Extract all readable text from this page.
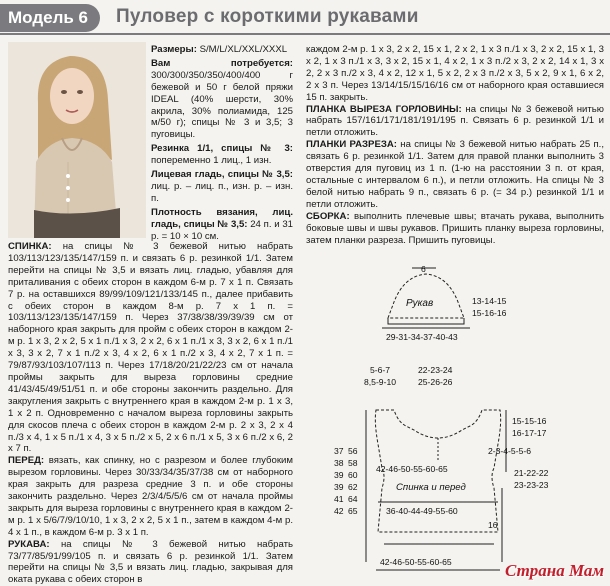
Модель 6	Пуловер с короткими рукавами

Размеры: S/M/L/XL/XXL/XXXL

Вам потребуется: 300/300/350/350/400/400 г бежевой и 50 г белой пряжи IDEAL (40% шерсти, 30% акрила, 30% полиамида, 125 м/50 г); спицы № 3 и 3,5; 3 пуговицы.

Резинка 1/1, спицы № 3: попеременно 1 лиц., 1 изн.

Лицевая гладь, спицы № 3,5: лиц. р. – лиц. п., изн. р. – изн. п.

Плотность вязания, лиц. гладь, спицы № 3,5: 24 п. и 31 р. = 10 × 10 см.

СПИНКА: на спицы № 3 бежевой нитью набрать 103/113/123/135/147/159 п. и связать 6 р. резинкой 1/1. Затем перейти на спицы № 3,5 и вязать лиц. гладью, убавляя для приталивания с обеих сторон в каждом 6-м р. 7 х 1 п. Связать 7 р. на оставшихся 89/99/109/121/133/145 п., далее прибавить с обеих сторон в каждом 8-м р. 7 х 1 п. = 103/113/123/135/147/159 п. Через 37/38/38/39/39/39 см от наборного края закрыть для пройм с обеих сторон в каждом 2-м р. 1 х 3, 2 х 2, 5 х 1 п./1 х 3, 2 х 2, 6 х 1 п./1 х 3, 3 х 2, 6 х 1 п./1 х 3, 3 х 2, 7 х 1 п./2 х 3, 4 х 2, 6 х 1 п./2 х 3, 4 х 2, 7 х 1 п. = 79/87/93/103/107/113 п. Через 17/18/20/21/22/23 см от начала проймы закрыть для выреза горловины средние 41/43/45/49/51/51 п. и обе стороны закончить раздельно. Для закругления закрыть с внутреннего края в каждом 2-м р. 1 х 3, 1 х 2 п. Одновременно с началом выреза горловины закрыть для скосов плеча с обеих сторон в каждом 2-м р. 2 х 3, 2 х 4 п./3 х 4, 1 х 5 п./1 х 4, 3 х 5 п./2 х 5, 2 х 6 п./1 х 5, 3 х 6 п./2 х 6, 2 х 7 п.

ПЕРЕД: вязать, как спинку, но с разрезом и более глубоким вырезом горловины. Через 30/33/34/35/37/38 см от наборного края закрыть для разреза средние 3 п. и обе стороны закончить раздельно. Через 2/3/4/5/5/6 см от начала проймы закрыть для выреза горловины с внутреннего края в каждом 2-м р. 1 х 5/6/7/9/10/10, 1 х 3, 2 х 2, 5 х 1 п., затем в каждом 4-м р. 4 х 1 п., в каждом 6-м р. 3 х 1 п.

РУКАВА: на спицы № 3 бежевой нитью набрать 73/77/85/91/99/105 п. и связать 6 р. резинкой 1/1. Затем перейти на спицы № 3,5 и вязать лиц. гладью, закрывая для оката рукава с обеих сторон в

каждом 2-м р. 1 х 3, 2 х 2, 15 х 1, 2 х 2, 1 х 3 п./1 х 3, 2 х 2, 15 х 1, 3 х 2, 1 х 3 п./1 х 3, 3 х 2, 15 х 1, 4 х 2, 1 х 3 п./2 х 3, 2 х 2, 14 х 1, 3 х 2, 2 х 3 п./2 х 3, 4 х 2, 12 х 1, 5 х 2, 2 х 3 п./2 х 3, 5 х 2, 9 х 1, 6 х 2, 2 х 3 п. Через 13/14/15/15/16/16 см от наборного края оставшиеся 15 п. закрыть.

ПЛАНКА ВЫРЕЗА ГОРЛОВИНЫ: на спицы № 3 бежевой нитью набрать 157/161/171/181/191/195 п. Связать 6 р. резинкой 1/1 и петли отложить.

ПЛАНКИ РАЗРЕЗА: на спицы № 3 бежевой нитью набрать 25 п., связать 6 р. резинкой 1/1. Затем для правой планки выполнить 3 отверстия для пуговиц из 1 п. (1-ю на расстоянии 3 п. от края, остальные с интервалом 6 п.), и петли отложить. На спицы № 3 белой нитью набрать 9 п., связать 6 р. (= 34 р.) резинкой 1/1 и петли отложить.

СБОРКА: выполнить плечевые швы; втачать рукава, выполнить боковые швы и швы рукавов. Пришить планку выреза горловины, затем планки разреза. Пришить пуговицы.

6
Рукав	13-14-15
15-16-16
29-31-34-37-40-43
5-6-7
8,5-9-10
22-23-24
25-26-26
15-15-16
16-17-17
2-3-4-5-5-6
21-22-22
23-23-23
42-46-50-55-60-65
Спинка и перед
36-40-44-49-55-60
16
42-46-50-55-60-65
56
58
60
62
64
65
37
38
39
39
41
42
Страна Мам
